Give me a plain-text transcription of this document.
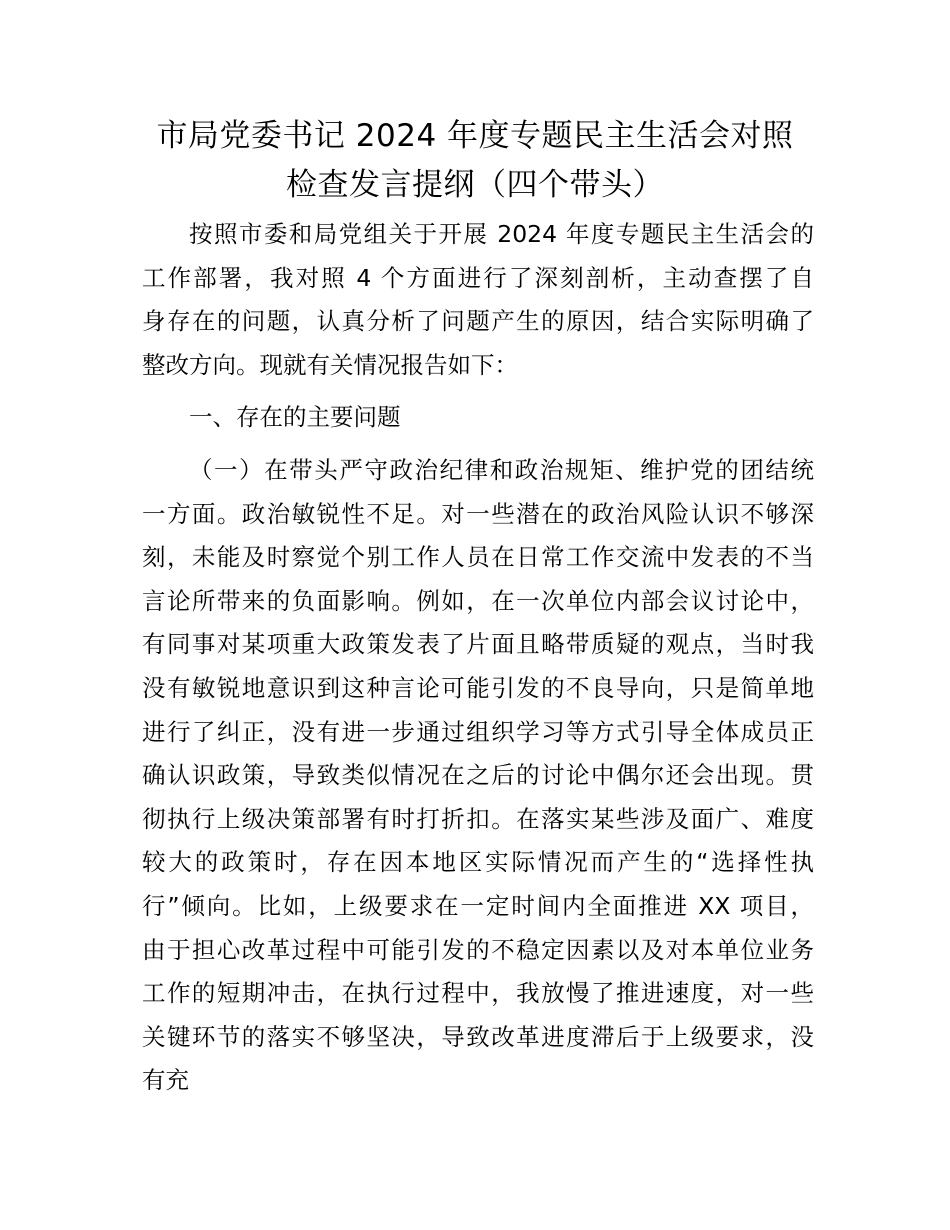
市局党委书记 2024 年度专题民主生活会对照
检查发言提纲（四个带头）
按照市委和局党组关于开展 2024 年度专题民主生活会的
工作部署，我对照 4 个方面进行了深刻剖析，主动查摆了自
身存在的问题，认真分析了问题产生的原因，结合实际明确了
整改方向。现就有关情况报告如下：
一、存在的主要问题
（一）在带头严守政治纪律和政治规矩、维护党的团结统
一方面。政治敏锐性不足。对一些潜在的政治风险认识不够深
刻，未能及时察觉个别工作人员在日常工作交流中发表的不当
言论所带来的负面影响。例如，在一次单位内部会议讨论中，
有同事对某项重大政策发表了片面且略带质疑的观点，当时我
没有敏锐地意识到这种言论可能引发的不良导向，只是简单地
进行了纠正，没有进一步通过组织学习等方式引导全体成员正
确认识政策，导致类似情况在之后的讨论中偶尔还会出现。贯
彻执行上级决策部署有时打折扣。在落实某些涉及面广、难度
较大的政策时，存在因本地区实际情况而产生的“选择性执
行”倾向。比如，上级要求在一定时间内全面推进 XX 项目，
由于担心改革过程中可能引发的不稳定因素以及对本单位业务
工作的短期冲击，在执行过程中，我放慢了推进速度，对一些
关键环节的落实不够坚决，导致改革进度滞后于上级要求，没
有充
